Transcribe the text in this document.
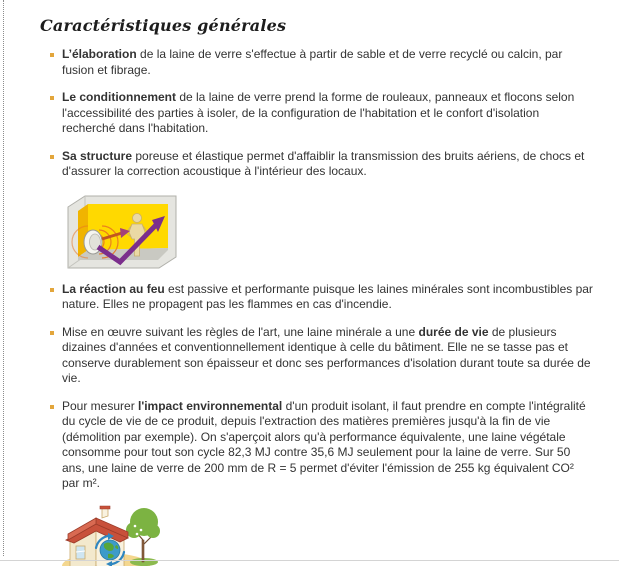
Caractéristiques générales
L’élaboration de la laine de verre s'effectue à partir de sable et de verre recyclé ou calcin, par fusion et fibrage.
Le conditionnement de la laine de verre prend la forme de rouleaux, panneaux et flocons selon l'accessibilité des parties à isoler, de la configuration de l'habitation et le confort d'isolation recherché dans l'habitation.
Sa structure poreuse et élastique permet d'affaiblir la transmission des bruits aériens, de chocs et d'assurer la correction acoustique à l'intérieur des locaux.
La réaction au feu est passive et performante puisque les laines minérales sont incombustibles par nature. Elles ne propagent pas les flammes en cas d'incendie.
Mise en œuvre suivant les règles de l'art, une laine minérale a une durée de vie de plusieurs dizaines d'années et conventionnellement identique à celle du bâtiment. Elle ne se tasse pas et conserve durablement son épaisseur et donc ses performances d'isolation durant toute sa durée de vie.
Pour mesurer l'impact environnemental d'un produit isolant, il faut prendre en compte l'intégralité du cycle de vie de ce produit, depuis l'extraction des matières premières jusqu'à la fin de vie (démolition par exemple). On s'aperçoit alors qu'à performance équivalente, une laine végétale consomme pour tout son cycle 82,3 MJ contre 35,6 MJ seulement pour la laine de verre. Sur 50 ans, une laine de verre de 200 mm de R = 5 permet d'éviter l'émission de 255 kg équivalent CO² par m².
